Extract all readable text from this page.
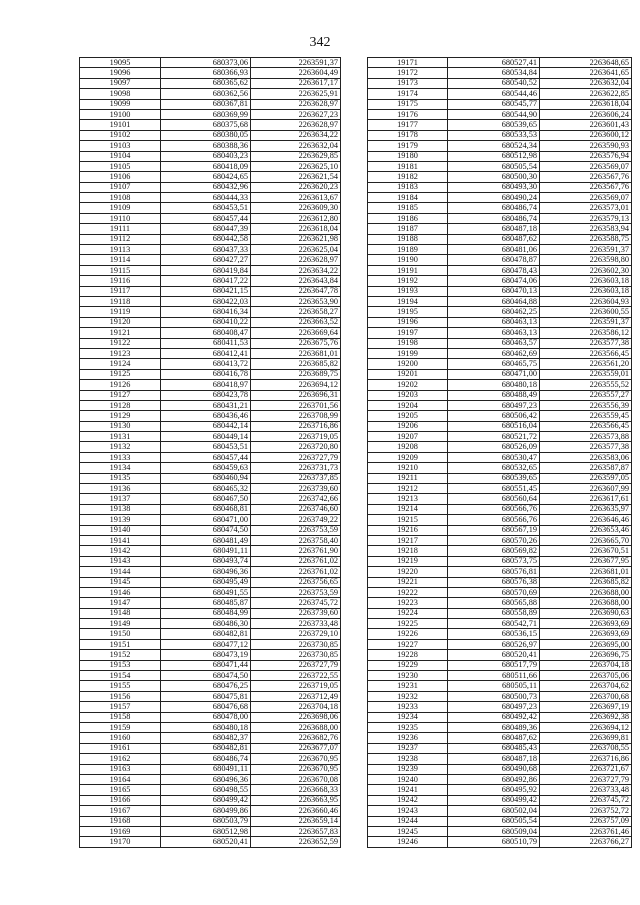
342
19095	680373,06	2263591,37
19096	680366,93	2263604,49
19097	680365,62	2263617,17
19098	680362,56	2263625,91
19099	680367,81	2263628,97
19100	680369,99	2263627,23
19101	680375,68	2263628,97
19102	680380,05	2263634,22
19103	680388,36	2263632,04
19104	680403,23	2263629,85
19105	680418,09	2263625,10
19106	680424,65	2263621,54
19107	680432,96	2263620,23
19108	680444,33	2263613,67
19109	680453,51	2263609,30
19110	680457,44	2263612,80
19111	680447,39	2263618,04
19112	680442,58	2263621,98
19113	680437,33	2263625,04
19114	680427,27	2263628,97
19115	680419,84	2263634,22
19116	680417,22	2263643,84
19117	680421,15	2263647,78
19118	680422,03	2263653,90
19119	680416,34	2263658,27
19120	680410,22	2263663,52
19121	680408,47	2263669,64
19122	680411,53	2263675,76
19123	680412,41	2263681,01
19124	680413,72	2263685,82
19125	680416,78	2263689,75
19126	680418,97	2263694,12
19127	680423,78	2263696,31
19128	680431,21	2263701,56
19129	680436,46	2263708,99
19130	680442,14	2263716,86
19131	680449,14	2263719,05
19132	680453,51	2263720,80
19133	680457,44	2263727,79
19134	680459,63	2263731,73
19135	680460,94	2263737,85
19136	680465,32	2263739,60
19137	680467,50	2263742,66
19138	680468,81	2263746,60
19139	680471,00	2263749,22
19140	680474,50	2263753,59
19141	680481,49	2263758,40
19142	680491,11	2263761,90
19143	680493,74	2263761,02
19144	680496,36	2263761,02
19145	680495,49	2263756,65
19146	680491,55	2263753,59
19147	680485,87	2263745,72
19148	680484,99	2263739,60
19149	680486,30	2263733,48
19150	680482,81	2263729,10
19151	680477,12	2263730,85
19152	680473,19	2263730,85
19153	680471,44	2263727,79
19154	680474,50	2263722,55
19155	680476,25	2263719,05
19156	680475,81	2263712,49
19157	680476,68	2263704,18
19158	680478,00	2263698,06
19159	680480,18	2263688,00
19160	680482,37	2263682,76
19161	680482,81	2263677,07
19162	680486,74	2263670,95
19163	680491,11	2263670,95
19164	680496,36	2263670,08
19165	680498,55	2263668,33
19166	680499,42	2263663,95
19167	680499,86	2263660,46
19168	680503,79	2263659,14
19169	680512,98	2263657,83
19170	680520,41	2263652,59
19171	680527,41	2263648,65
19172	680534,84	2263641,65
19173	680540,52	2263632,04
19174	680544,46	2263622,85
19175	680545,77	2263618,04
19176	680544,90	2263606,24
19177	680539,65	2263601,43
19178	680533,53	2263600,12
19179	680524,34	2263590,93
19180	680512,98	2263576,94
19181	680505,54	2263569,07
19182	680500,30	2263567,76
19183	680493,30	2263567,76
19184	680490,24	2263569,07
19185	680486,74	2263573,01
19186	680486,74	2263579,13
19187	680487,18	2263583,94
19188	680487,62	2263588,75
19189	680481,06	2263591,37
19190	680478,87	2263598,80
19191	680478,43	2263602,30
19192	680474,06	2263603,18
19193	680470,13	2263603,18
19194	680464,88	2263604,93
19195	680462,25	2263600,55
19196	680463,13	2263591,37
19197	680463,13	2263586,12
19198	680463,57	2263577,38
19199	680462,69	2263566,45
19200	680465,75	2263561,20
19201	680471,00	2263559,01
19202	680480,18	2263555,52
19203	680488,49	2263557,27
19204	680497,23	2263556,39
19205	680506,42	2263559,45
19206	680516,04	2263566,45
19207	680521,72	2263573,88
19208	680526,09	2263577,38
19209	680530,47	2263583,06
19210	680532,65	2263587,87
19211	680539,65	2263597,05
19212	680551,45	2263607,99
19213	680560,64	2263617,61
19214	680566,76	2263635,97
19215	680566,76	2263646,46
19216	680567,19	2263653,46
19217	680570,26	2263665,70
19218	680569,82	2263670,51
19219	680573,75	2263677,95
19220	680576,81	2263681,01
19221	680576,38	2263685,82
19222	680570,69	2263688,00
19223	680565,88	2263688,00
19224	680558,89	2263690,63
19225	680542,71	2263693,69
19226	680536,15	2263693,69
19227	680526,97	2263695,00
19228	680520,41	2263696,75
19229	680517,79	2263704,18
19230	680511,66	2263705,06
19231	680505,11	2263704,62
19232	680500,73	2263700,68
19233	680497,23	2263697,19
19234	680492,42	2263692,38
19235	680489,36	2263694,12
19236	680487,62	2263699,81
19237	680485,43	2263708,55
19238	680487,18	2263716,86
19239	680490,68	2263721,67
19240	680492,86	2263727,79
19241	680495,92	2263733,48
19242	680499,42	2263745,72
19243	680502,04	2263752,72
19244	680505,54	2263757,09
19245	680509,04	2263761,46
19246	680510,79	2263766,27
